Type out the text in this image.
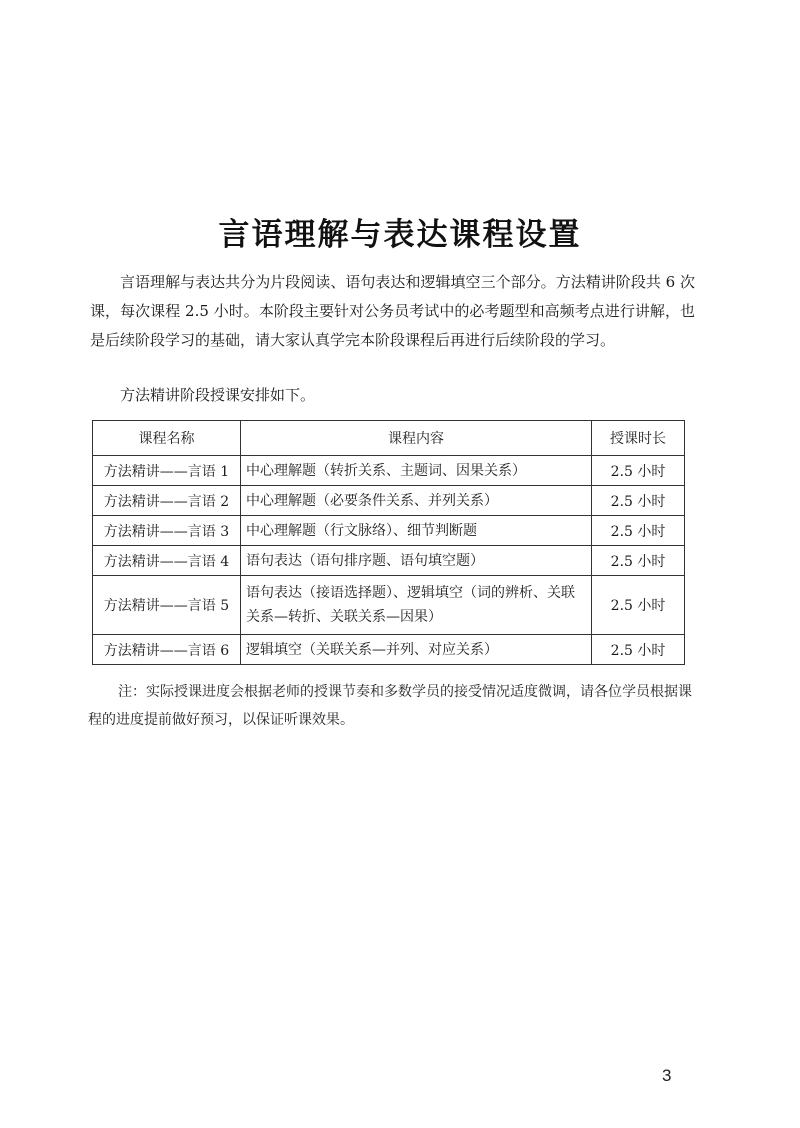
言语理解与表达课程设置

言语理解与表达共分为片段阅读、语句表达和逻辑填空三个部分。方法精讲阶段共 6 次课，每次课程 2.5 小时。本阶段主要针对公务员考试中的必考题型和高频考点进行讲解，也是后续阶段学习的基础，请大家认真学完本阶段课程后再进行后续阶段的学习。

方法精讲阶段授课安排如下。

课程名称	课程内容	授课时长
方法精讲——言语 1	中心理解题（转折关系、主题词、因果关系）	2.5 小时
方法精讲——言语 2	中心理解题（必要条件关系、并列关系）	2.5 小时
方法精讲——言语 3	中心理解题（行文脉络）、细节判断题	2.5 小时
方法精讲——言语 4	语句表达（语句排序题、语句填空题）	2.5 小时
方法精讲——言语 5	语句表达（接语选择题）、逻辑填空（词的辨析、关联关系—转折、关联关系—因果）	2.5 小时
方法精讲——言语 6	逻辑填空（关联关系—并列、对应关系）	2.5 小时

注：实际授课进度会根据老师的授课节奏和多数学员的接受情况适度微调，请各位学员根据课程的进度提前做好预习，以保证听课效果。

3
